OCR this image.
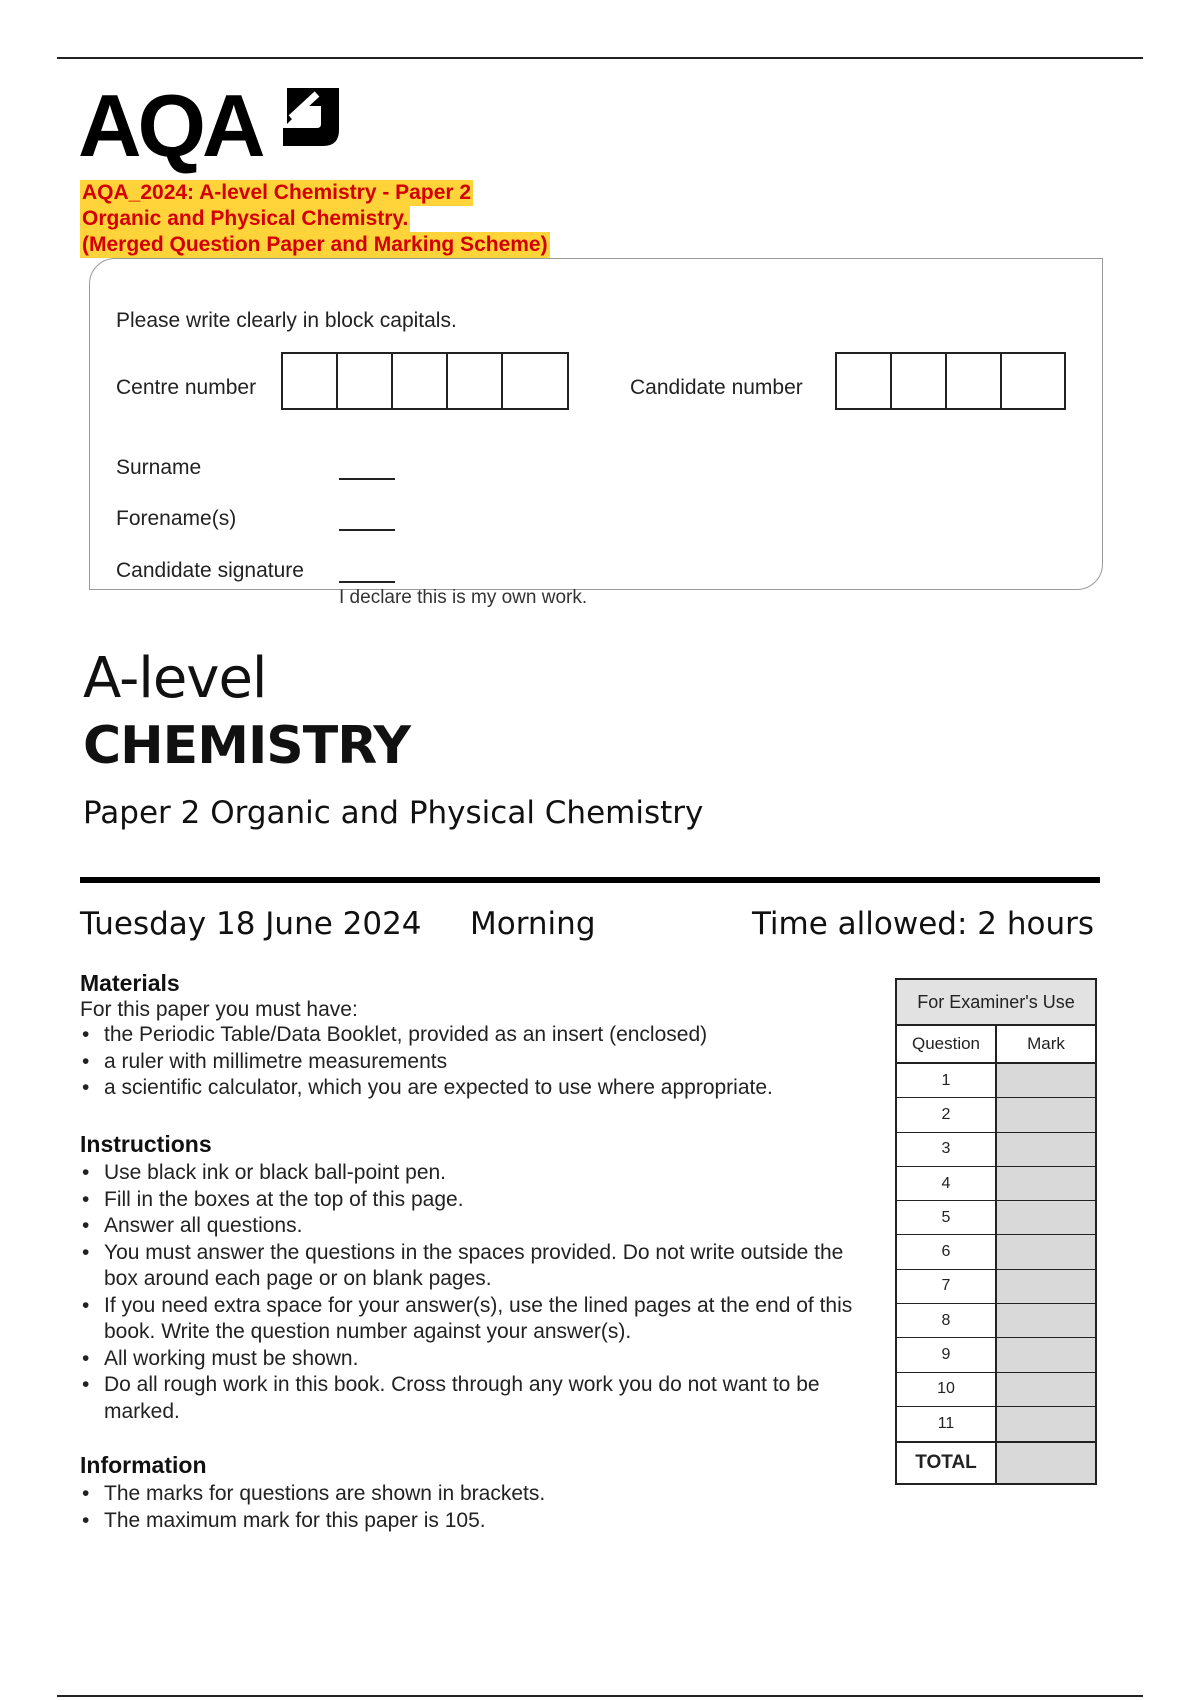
AQA
AQA_2024: A-level Chemistry - Paper 2
Organic and Physical Chemistry.
(Merged Question Paper and Marking Scheme)
Please write clearly in block capitals.
Centre number	Candidate number
Surname
Forename(s)
Candidate signature
I declare this is my own work.
A-level
CHEMISTRY
Paper 2 Organic and Physical Chemistry
Tuesday 18 June 2024 Morning	Time allowed: 2 hours
Materials
For this paper you must have:
• the Periodic Table/Data Booklet, provided as an insert (enclosed)
• a ruler with millimetre measurements
• a scientific calculator, which you are expected to use where appropriate.
Instructions
• Use black ink or black ball-point pen.
• Fill in the boxes at the top of this page.
• Answer all questions.
• You must answer the questions in the spaces provided. Do not write outside the box around each page or on blank pages.
• If you need extra space for your answer(s), use the lined pages at the end of this book. Write the question number against your answer(s).
• All working must be shown.
• Do all rough work in this book. Cross through any work you do not want to be marked.
Information
• The marks for questions are shown in brackets.
• The maximum mark for this paper is 105.
For Examiner's Use
Question	Mark
1
2
3
4
5
6
7
8
9
10
11
TOTAL
